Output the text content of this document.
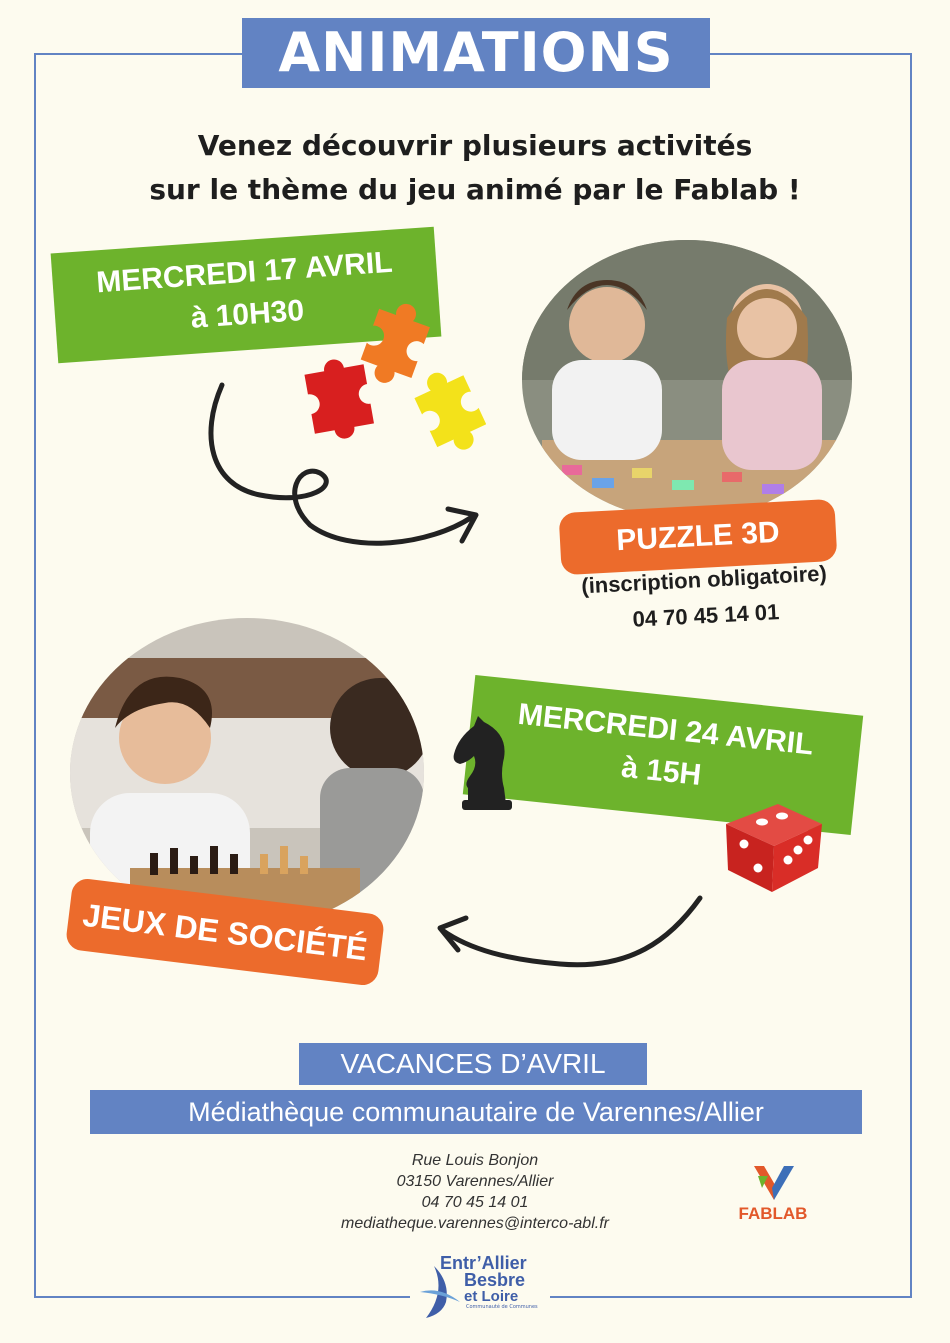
ANIMATIONS
Venez découvrir plusieurs activités
sur le thème du jeu animé par le Fablab !
MERCREDI 17 AVRIL
à 10H30
PUZZLE 3D
(inscription obligatoire)
04 70 45 14 01
MERCREDI 24 AVRIL
à 15H
JEUX DE SOCIÉTÉ
VACANCES D’AVRIL
Médiathèque communautaire de Varennes/Allier
Rue Louis Bonjon
03150 Varennes/Allier
04 70 45 14 01
mediatheque.varennes@interco-abl.fr
FABLAB
Entr’Allier
Besbre
et Loire
Communauté de Communes
